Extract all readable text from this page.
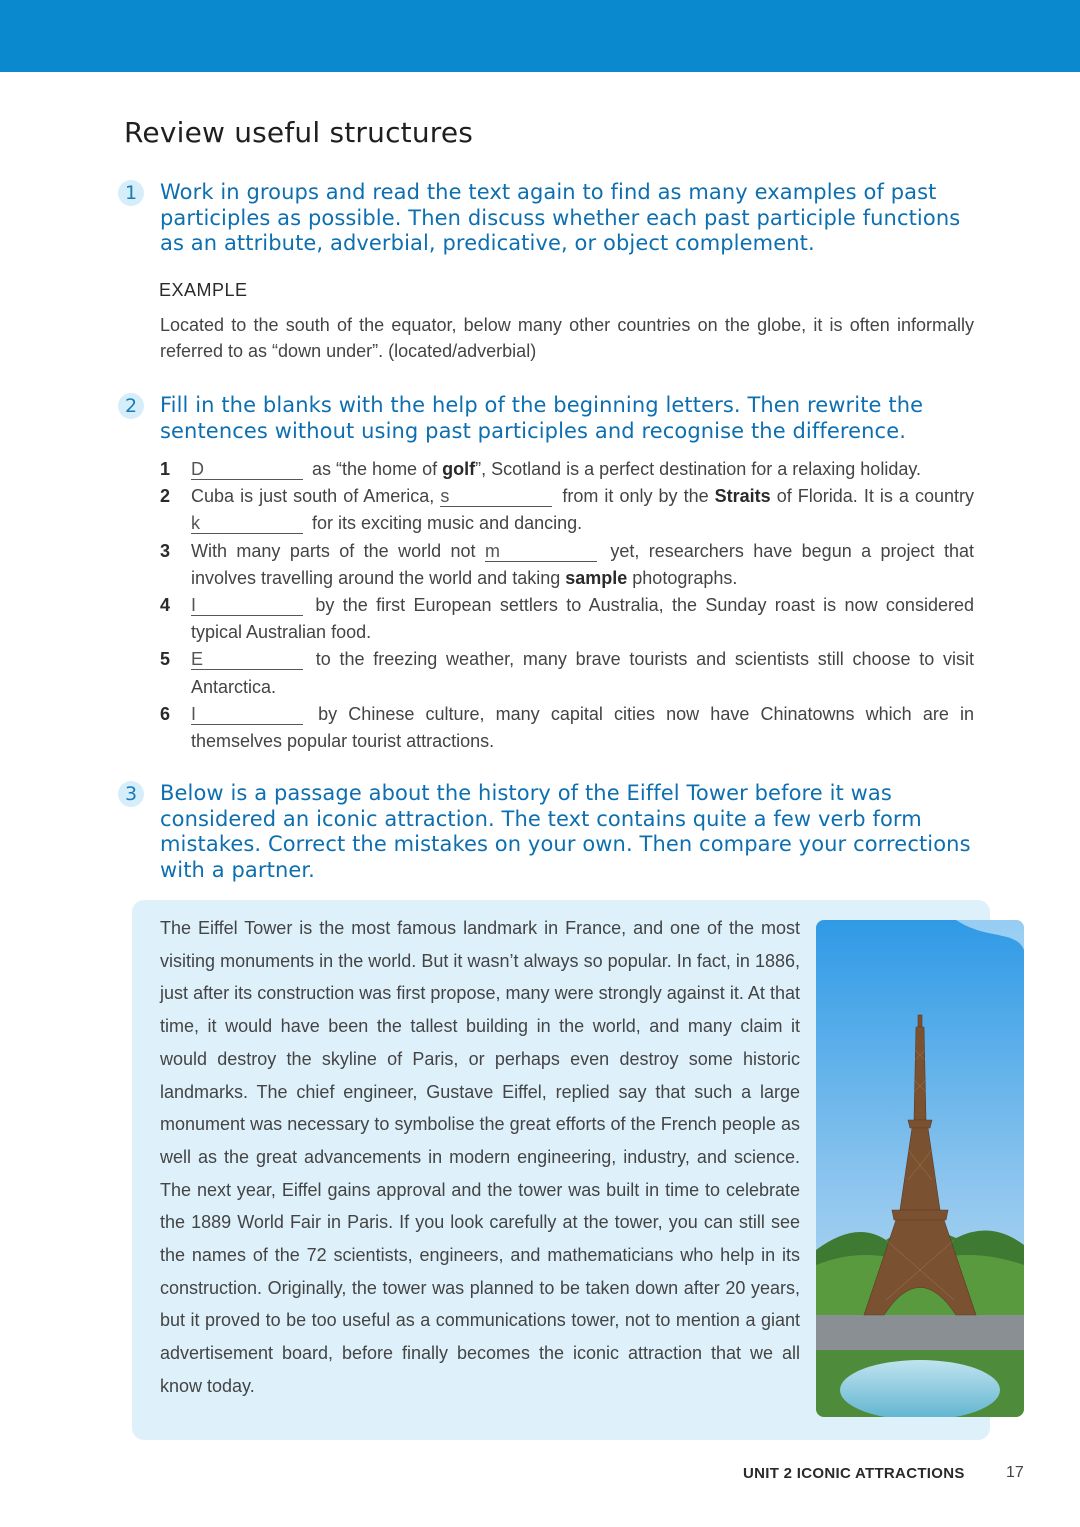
Review useful structures
1	Work in groups and read the text again to find as many examples of past participles as possible. Then discuss whether each past participle functions as an attribute, adverbial, predicative, or object complement.
EXAMPLE
Located to the south of the equator, below many other countries on the globe, it is often informally referred to as “down under”. (located/adverbial)
2	Fill in the blanks with the help of the beginning letters. Then rewrite the sentences without using past participles and recognise the difference.
1 D	as “the home of golf”, Scotland is a perfect destination for a relaxing holiday.
2 Cuba is just south of America, s	from it only by the Straits of Florida. It is a country k	for its exciting music and dancing.
3 With many parts of the world not m	yet, researchers have begun a project that involves travelling around the world and taking sample photographs.
4 I	by the first European settlers to Australia, the Sunday roast is now considered typical Australian food.
5 E	to the freezing weather, many brave tourists and scientists still choose to visit Antarctica.
6 I	by Chinese culture, many capital cities now have Chinatowns which are in themselves popular tourist attractions.
3	Below is a passage about the history of the Eiffel Tower before it was considered an iconic attraction. The text contains quite a few verb form mistakes. Correct the mistakes on your own. Then compare your corrections with a partner.
The Eiffel Tower is the most famous landmark in France, and one of the most visiting monuments in the world. But it wasn’t always so popular. In fact, in 1886, just after its construction was first propose, many were strongly against it. At that time, it would have been the tallest building in the world, and many claim it would destroy the skyline of Paris, or perhaps even destroy some historic landmarks. The chief engineer, Gustave Eiffel, replied say that such a large monument was necessary to symbolise the great efforts of the French people as well as the great advancements in modern engineering, industry, and science. The next year, Eiffel gains approval and the tower was built in time to celebrate the 1889 World Fair in Paris. If you look carefully at the tower, you can still see the names of the 72 scientists, engineers, and mathematicians who help in its construction. Originally, the tower was planned to be taken down after 20 years, but it proved to be too useful as a communications tower, not to mention a giant advertisement board, before finally becomes the iconic attraction that we all know today.
UNIT 2 ICONIC ATTRACTIONS	17
